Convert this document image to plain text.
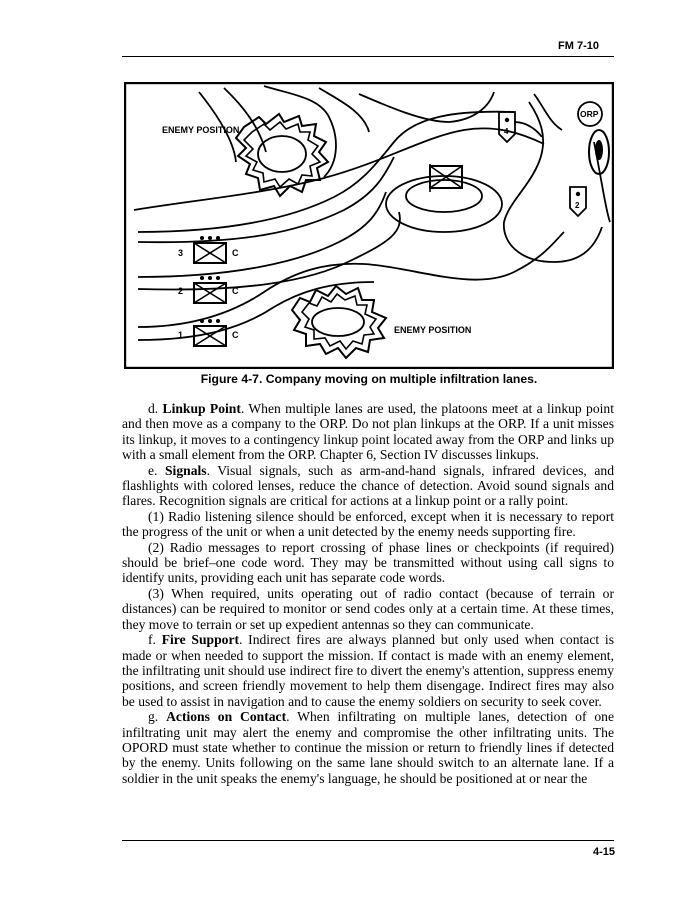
FM 7-10
ENEMY POSITION
ENEMY POSITION
ORP
4
2
3	C
2	C
1	C
Figure 4-7. Company moving on multiple infiltration lanes.

d. Linkup Point. When multiple lanes are used, the platoons meet at a linkup point and then move as a company to the ORP. Do not plan linkups at the ORP. If a unit misses its linkup, it moves to a contingency linkup point located away from the ORP and links up with a small element from the ORP. Chapter 6, Section IV discusses linkups.

e. Signals. Visual signals, such as arm-and-hand signals, infrared devices, and flashlights with colored lenses, reduce the chance of detection. Avoid sound signals and flares. Recognition signals are critical for actions at a linkup point or a rally point.

(1) Radio listening silence should be enforced, except when it is necessary to report the progress of the unit or when a unit detected by the enemy needs supporting fire.

(2) Radio messages to report crossing of phase lines or checkpoints (if required) should be brief–one code word. They may be transmitted without using call signs to identify units, providing each unit has separate code words.

(3) When required, units operating out of radio contact (because of terrain or distances) can be required to monitor or send codes only at a certain time. At these times, they move to terrain or set up expedient antennas so they can communicate.

f. Fire Support. Indirect fires are always planned but only used when contact is made or when needed to support the mission. If contact is made with an enemy element, the infiltrating unit should use indirect fire to divert the enemy's attention, suppress enemy positions, and screen friendly movement to help them disengage. Indirect fires may also be used to assist in navigation and to cause the enemy soldiers on security to seek cover.

g. Actions on Contact. When infiltrating on multiple lanes, detection of one infiltrating unit may alert the enemy and compromise the other infiltrating units. The OPORD must state whether to continue the mission or return to friendly lines if detected by the enemy. Units following on the same lane should switch to an alternate lane. If a soldier in the unit speaks the enemy's language, he should be positioned at or near the

4-15
